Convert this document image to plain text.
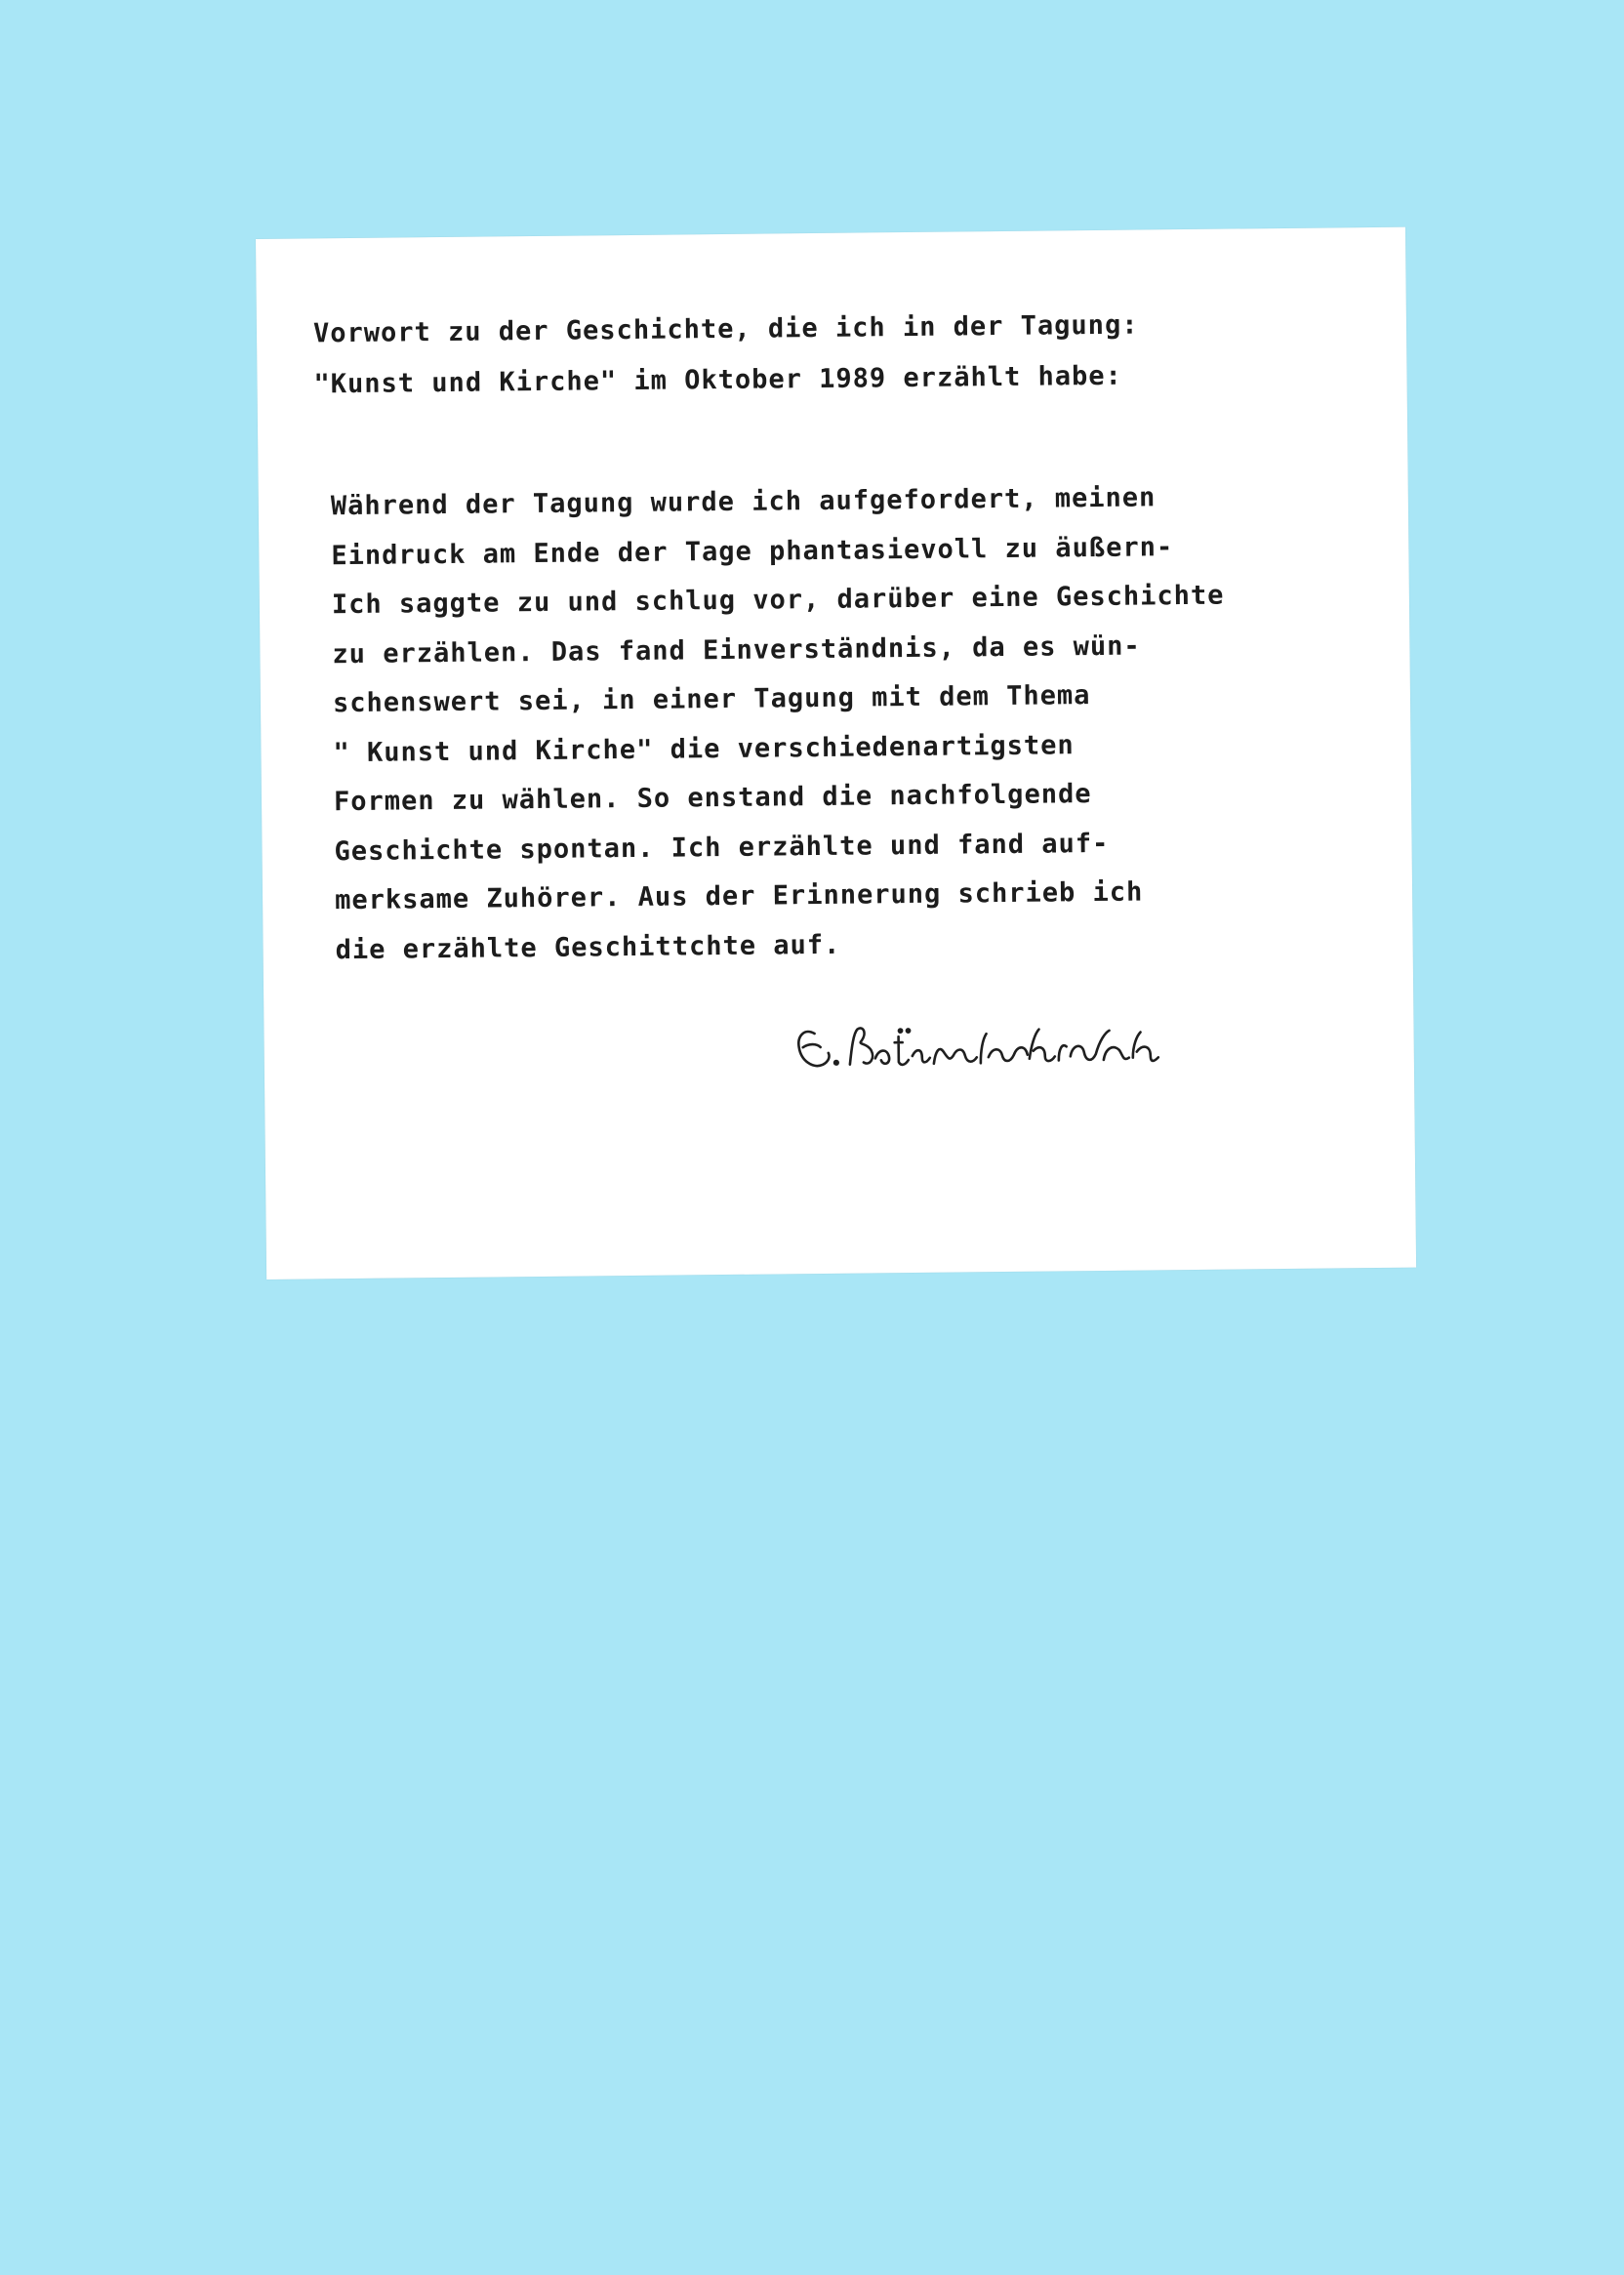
Vorwort zu der Geschichte, die ich in der Tagung:
"Kunst und Kirche" im Oktober 1989 erzählt habe:
Während der Tagung wurde ich aufgefordert, meinen
Eindruck am Ende der Tage phantasievoll zu äußern-
Ich saggte zu und schlug vor, darüber eine Geschichte
zu erzählen. Das fand Einverständnis, da es wün-
schenswert sei, in einer Tagung mit dem Thema
" Kunst und Kirche" die verschiedenartigsten
Formen zu wählen. So enstand die nachfolgende
Geschichte spontan. Ich erzählte und fand auf-
merksame Zuhörer. Aus der Erinnerung schrieb ich
die erzählte Geschittchte auf.
